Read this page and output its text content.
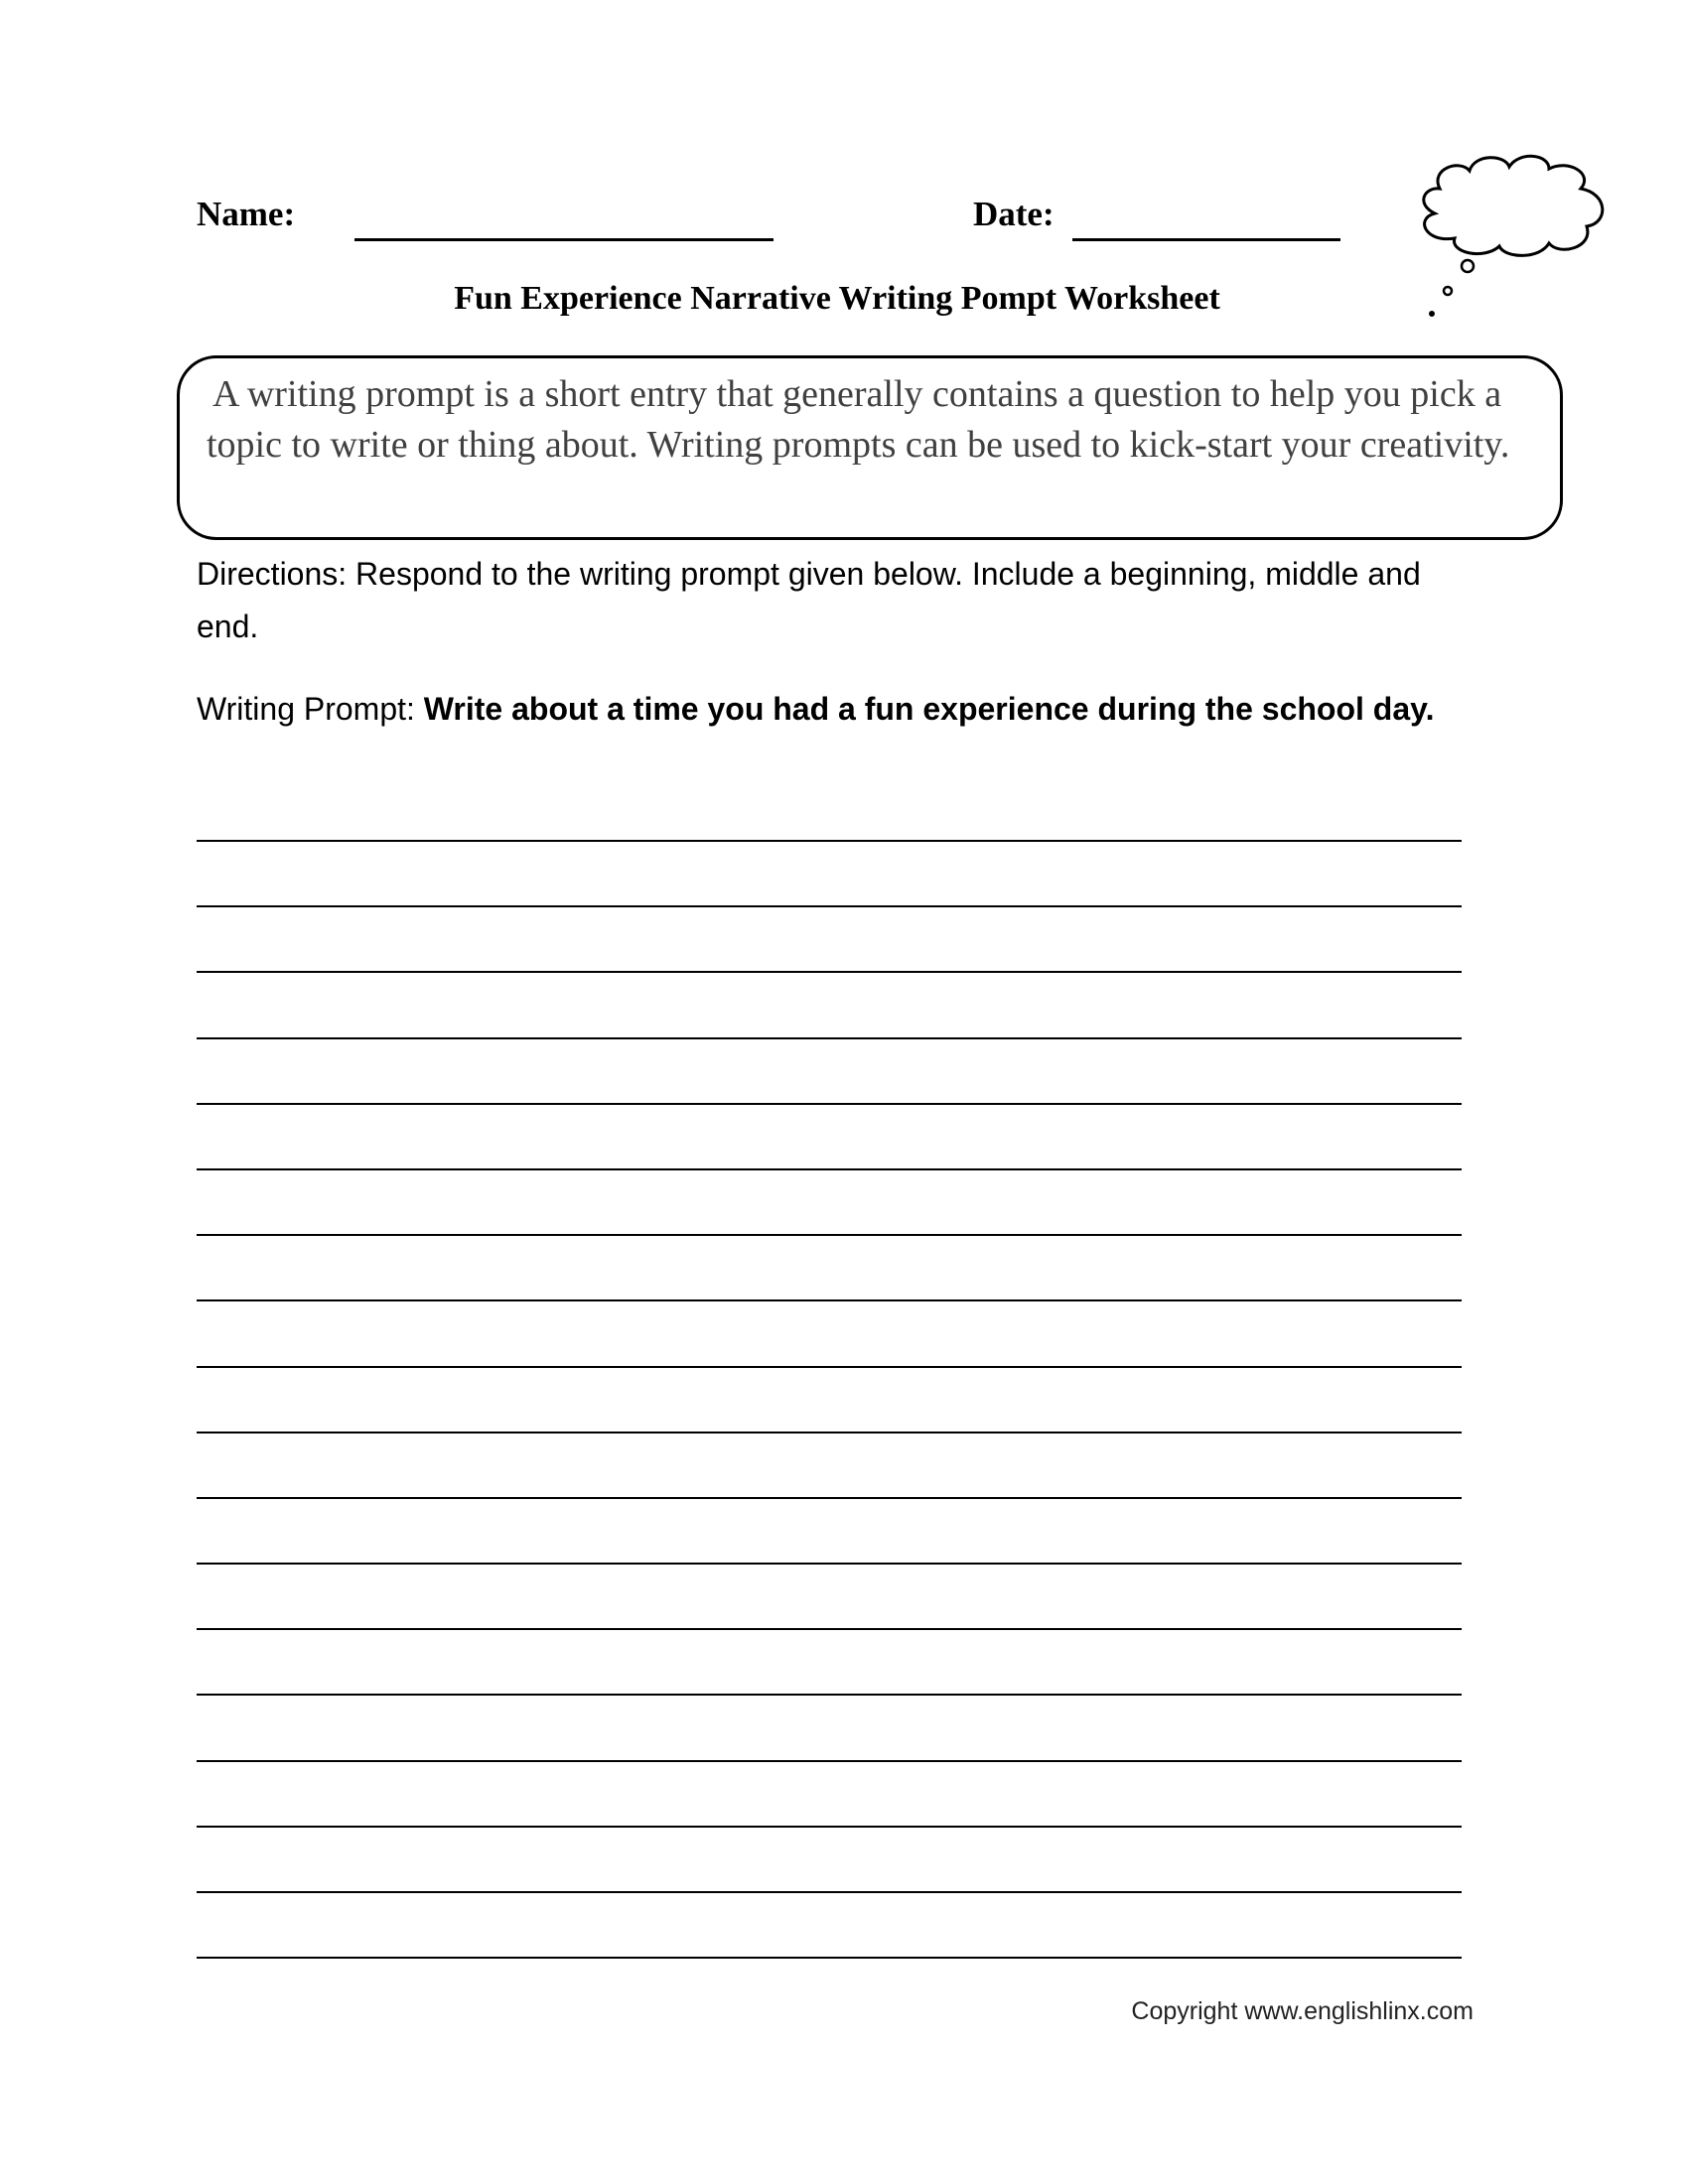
Name:	Date:
Fun Experience Narrative Writing Pompt Worksheet
A writing prompt is a short entry that generally contains a question to help you pick a topic to write or thing about. Writing prompts can be used to kick-start your creativity.
Directions: Respond to the writing prompt given below. Include a beginning, middle and end.
Writing Prompt: Write about a time you had a fun experience during the school day.
Copyright www.englishlinx.com
